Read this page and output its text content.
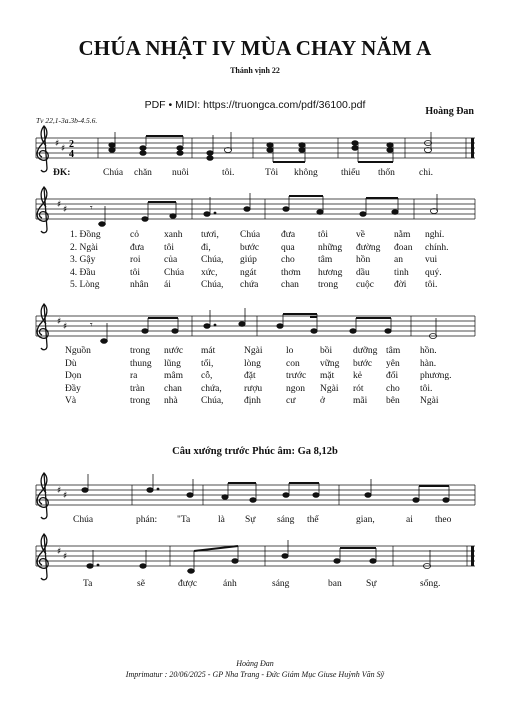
CHÚA NHẬT IV MÙA CHAY NĂM A
Thánh vịnh 22
PDF • MIDI: https://truongca.com/pdf/36100.pdf
Hoàng Đan
Tv 22,1-3a.3b-4.5.6.
♯ ♯ 2
4
♯ ♯ 𝄾
♯ ♯ 𝄾
♯ ♯
♯ ♯
ĐK:	Chúa chăn nuôi	tôi.	Tôi không thiếu thốn	chi.
1. Đồng	cỏ	xanh tươi, Chúa đưa tôi	về	nằm nghỉ.
2. Ngài	đưa tôi	đi,	bước qua những đường đoan chính.
3. Gậy	roi của	Chúa, giúp	cho tâm	hồn	an vui
4. Đầu	tôi	Chúa xức, ngát	thơm hương dầu	tinh quý.
5. Lòng	nhân ái	Chúa, chứa chan trong cuộc đời tôi.
Nguồn	trong nước mát	Ngài lo	bồi dưỡng tâm hồn.
Dù	thung lũng tối,	lòng	con vững bước yên hàn.
Dọn	ra	mâm cỗ,	đặt	trước mặt kẻ	đối phương.
Đầy	tràn chan chứa, rượu	ngon Ngài rót cho tôi.
Và	trong nhà Chúa, định	cư	ở	mãi bên Ngài
Câu xướng trước Phúc âm: Ga 8,12b
Chúa	phán: "Ta	là Sự sáng thế	gian,	ai theo
Ta	sẽ	được	ánh	sáng	ban	Sự	sống.
Hoàng Đan
Imprimatur : 20/06/2025 - GP Nha Trang - Đức Giám Mục Giuse Huỳnh Văn Sỹ
